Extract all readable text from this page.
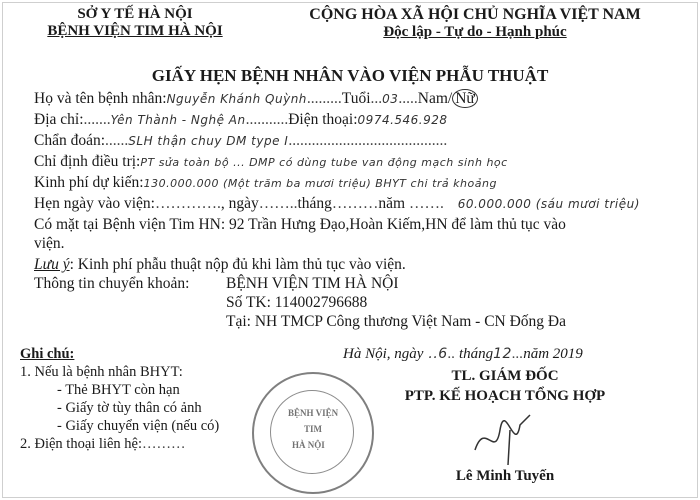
SỞ Y TẾ HÀ NỘI
BỆNH VIỆN TIM HÀ NỘI
CỘNG HÒA XÃ HỘI CHỦ NGHĨA VIỆT NAM
Độc lập - Tự do - Hạnh phúc
GIẤY HẸN BỆNH NHÂN VÀO VIỆN PHẪU THUẬT
Họ và tên bệnh nhân:Nguyễn Khánh Quỳnh.........Tuổi...03.....Nam/ Nữ
Địa chỉ:.......Yên Thành - Nghệ An...........Điện thoại:0974.546.928
Chẩn đoán:......SLH thận chuy DM type I.........................................
Chỉ định điều trị:PT sửa toàn bộ ... DMP có dùng tube van động mạch sinh học
Kinh phí dự kiến:130.000.000 (Một trăm ba mươi triệu) BHYT chi trả khoảng
Hẹn ngày vào viện:…………., ngày……..tháng………năm ……. 60.000.000 (sáu mươi triệu)
Có mặt tại Bệnh viện Tim HN: 92 Trần Hưng Đạo,Hoàn Kiếm,HN để làm thủ tục vào
viện.
Lưu ý: Kinh phí phẫu thuật nộp đủ khi làm thủ tục vào viện.
Thông tin chuyển khoản: BỆNH VIỆN TIM HÀ NỘI
Số TK: 114002796688
Tại: NH TMCP Công thương Việt Nam - CN Đống Đa
Ghi chú:
1. Nếu là bệnh nhân BHYT:
- Thẻ BHYT còn hạn
- Giấy tờ tùy thân có ảnh
- Giấy chuyển viện (nếu có)
2. Điện thoại liên hệ:………
BỆNH VIỆN
TIM
HÀ NỘI
Hà Nội, ngày ..6.. tháng12...năm 2019
TL. GIÁM ĐỐC
PTP. KẾ HOẠCH TỔNG HỢP
Lê Minh Tuyến
